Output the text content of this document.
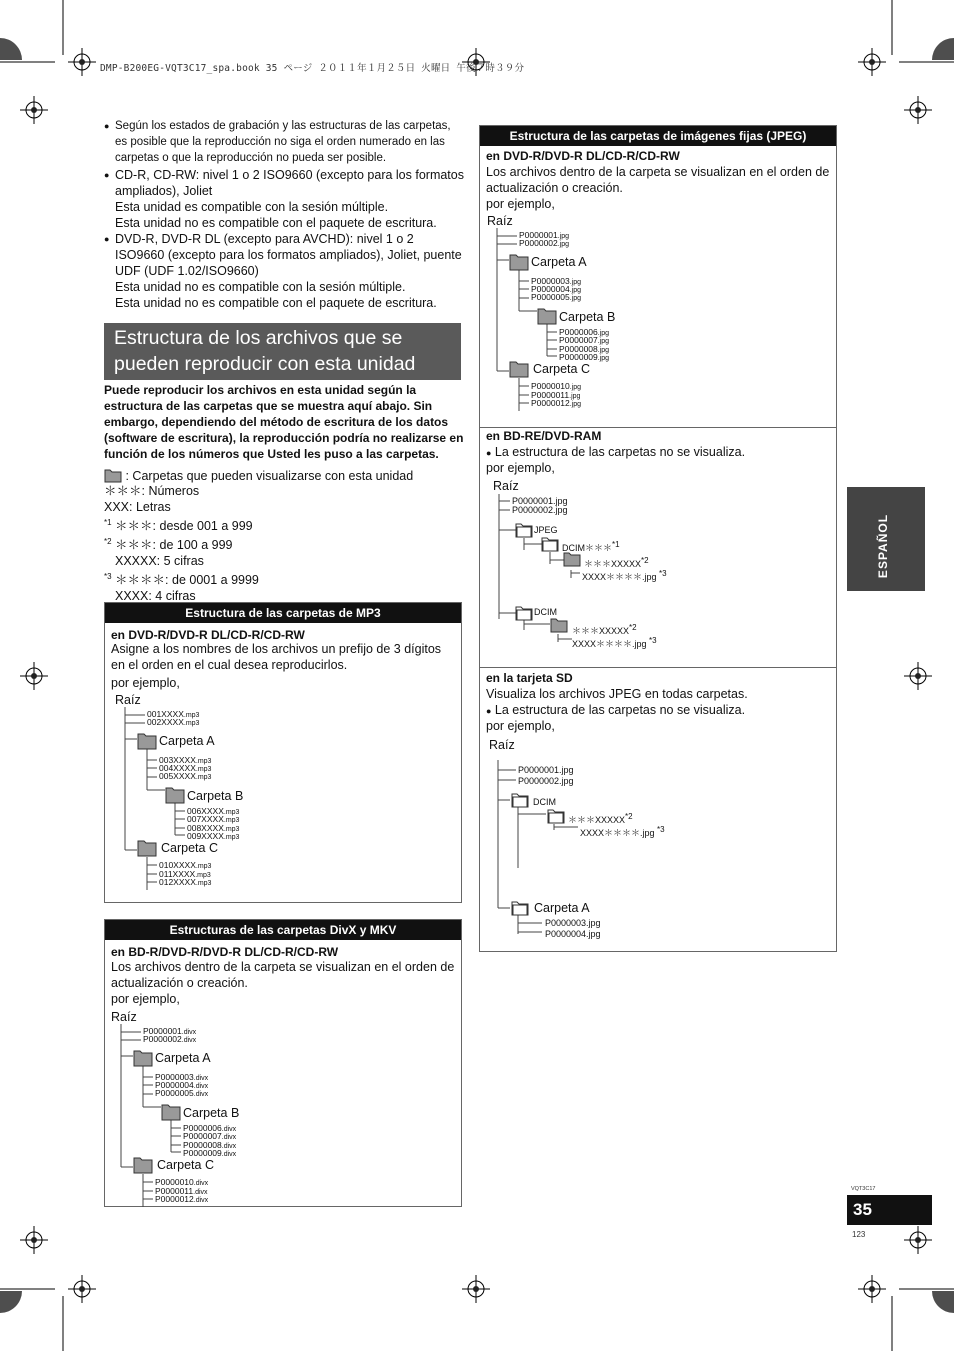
DMP-B200EG-VQT3C17_spa.book 35 ページ ２０１１年１月２５日 火曜日 午後７時３９分
● Según los estados de grabación y las estructuras de las carpetas, es posible que la reproducción no siga el orden numerado en las carpetas o que la reproducción no pueda ser posible.
● CD-R, CD-RW: nivel 1 o 2 ISO9660 (excepto para los formatos ampliados), Joliet
Esta unidad es compatible con la sesión múltiple.
Esta unidad no es compatible con el paquete de escritura.
● DVD-R, DVD-R DL (excepto para AVCHD): nivel 1 o 2 ISO9660 (excepto para los formatos ampliados), Joliet, puente UDF (UDF 1.02/ISO9660)
Esta unidad no es compatible con la sesión múltiple.
Esta unidad no es compatible con el paquete de escritura.
Estructura de los archivos que se pueden reproducir con esta unidad
Puede reproducir los archivos en esta unidad según la estructura de las carpetas que se muestra aquí abajo. Sin embargo, dependiendo del método de escritura de los datos (software de escritura), la reproducción podría no realizarse en función de los números que Usted les puso a las carpetas.
: Carpetas que pueden visualizarse con esta unidad
＊＊＊: Números
XXX: Letras
$^{*1}$ ＊＊＊: desde 001 a 999
$^{*2}$ ＊＊＊: de 100 a 999
XXXXX: 5 cifras
$^{*3}$ ＊＊＊＊: de 0001 a 9999
XXXX: 4 cifras
Estructura de las carpetas de MP3
en DVD-R/DVD-R DL/CD-R/CD-RW
Asigne a los nombres de los archivos un prefijo de 3 dígitos en el orden en el cual desea reproducirlos.
por ejemplo,
Raíz
001XXXX.mp3
002XXXX.mp3
Carpeta A
003XXXX.mp3
004XXXX.mp3
005XXXX.mp3
Carpeta B
006XXXX.mp3
007XXXX.mp3
008XXXX.mp3
009XXXX.mp3
Carpeta C
010XXXX.mp3
011XXXX.mp3
012XXXX.mp3
Estructuras de las carpetas DivX y MKV
en BD-R/DVD-R/DVD-R DL/CD-R/CD-RW
Los archivos dentro de la carpeta se visualizan en el orden de actualización o creación.
por ejemplo,
Raíz
P0000001.divx
P0000002.divx
Carpeta A
P0000003.divx
P0000004.divx
P0000005.divx
Carpeta B
P0000006.divx
P0000007.divx
P0000008.divx
P0000009.divx
Carpeta C
P0000010.divx
P0000011.divx
P0000012.divx
Estructura de las carpetas de imágenes fijas (JPEG)
en DVD-R/DVD-R DL/CD-R/CD-RW
Los archivos dentro de la carpeta se visualizan en el orden de actualización o creación.
por ejemplo,
Raíz
P0000001.jpg
P0000002.jpg
Carpeta A
P0000003.jpg
P0000004.jpg
P0000005.jpg
Carpeta B
P0000006.jpg
P0000007.jpg
P0000008.jpg
P0000009.jpg
Carpeta C
P0000010.jpg
P0000011.jpg
P0000012.jpg
en BD-RE/DVD-RAM
● La estructura de las carpetas no se visualiza.
por ejemplo,
Raíz
P0000001.jpg
P0000002.jpg
JPEG
DCIM＊＊＊*1
＊＊＊XXXXX*2
XXXX＊＊＊＊.jpg *3
DCIM
＊＊＊XXXXX*2
XXXX＊＊＊＊.jpg *3
en la tarjeta SD
Visualiza los archivos JPEG en todas carpetas.
● La estructura de las carpetas no se visualiza.
por ejemplo,
Raíz
P0000001.jpg
P0000002.jpg
DCIM
＊＊＊XXXXX*2
XXXX＊＊＊＊.jpg *3
Carpeta A
P0000003.jpg
P0000004.jpg
ESPAÑOL
VQT3C17
35
123
